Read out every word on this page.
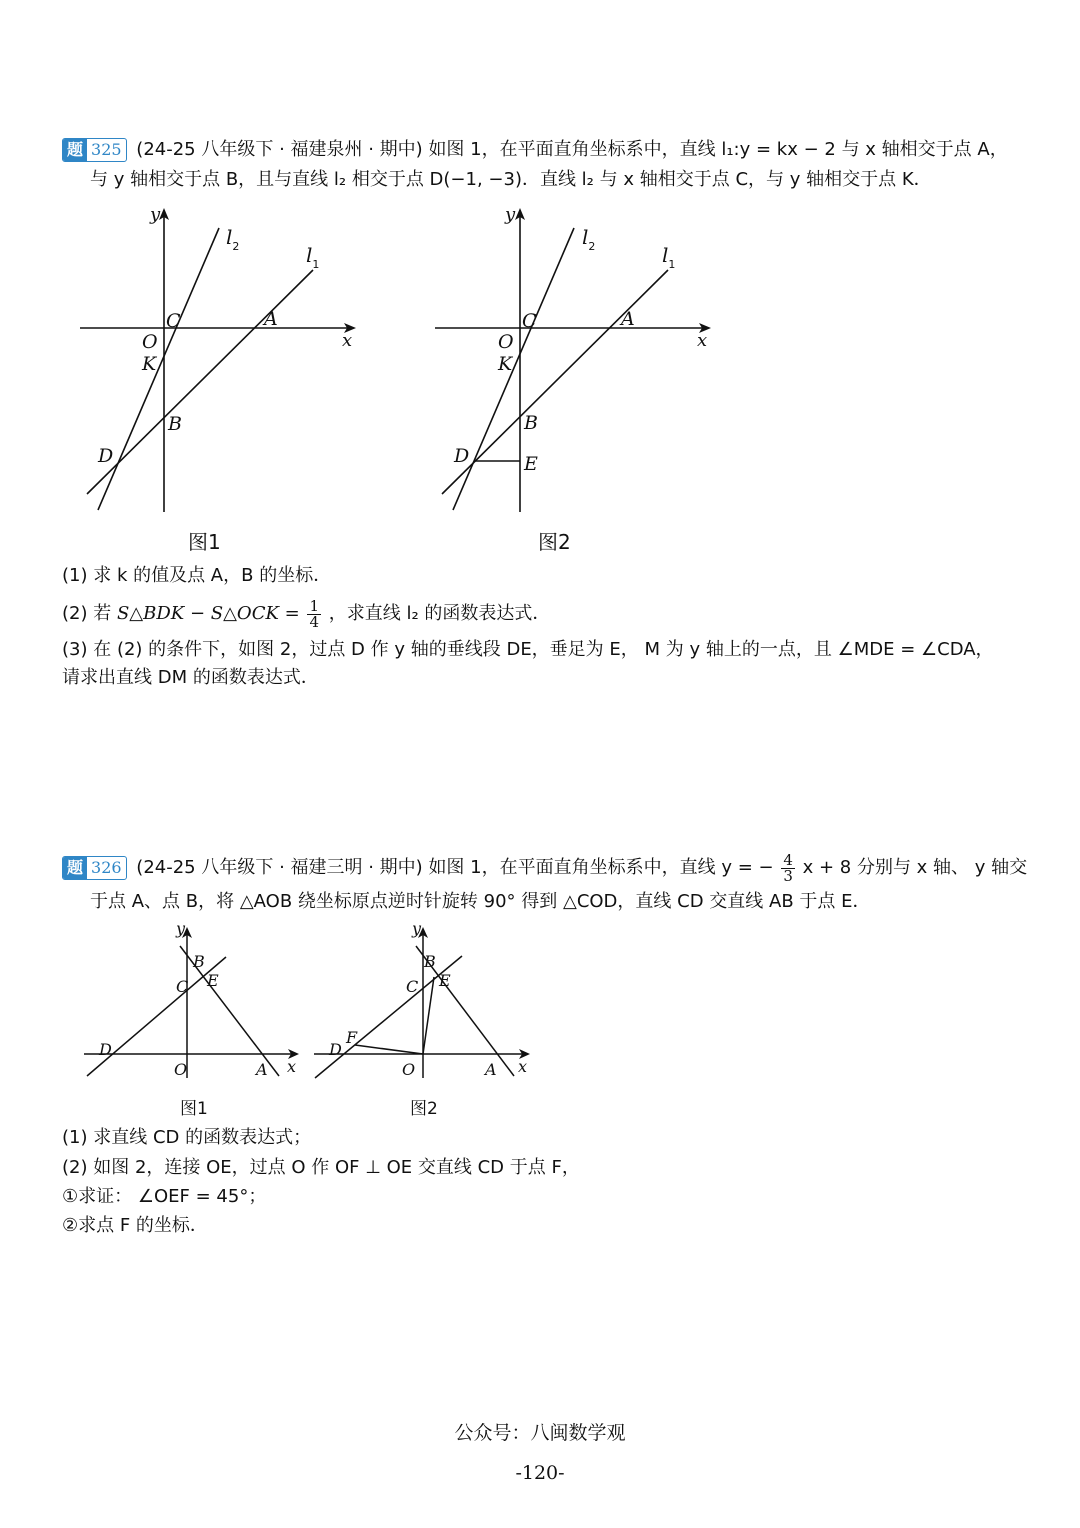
题 325 (24-25 八年级下 · 福建泉州 · 期中) 如图 1，在平面直角坐标系中，直线 l₁:y = kx − 2 与 x 轴相交于点 A，
与 y 轴相交于点 B，且与直线 l₂ 相交于点 D(−1, −3)．直线 l₂ 与 x 轴相交于点 C，与 y 轴相交于点 K．
y
x
O
C
K
A
B
D
$l_2$	$l_1$
图1
y
x
O
C
K
A
B
D	E
$l_2$	$l_1$
图2
(1) 求 k 的值及点 A，B 的坐标．
(2) 若 S△BDK − S△OCK = $\frac{1}{4}$ ，求直线 l₂ 的函数表达式．
(3) 在 (2) 的条件下，如图 2，过点 D 作 y 轴的垂线段 DE，垂足为 E， M 为 y 轴上的一点，且 ∠MDE = ∠CDA，
请求出直线 DM 的函数表达式．
题 326 (24-25 八年级下 · 福建三明 · 期中) 如图 1，在平面直角坐标系中，直线 y = − $\frac{4}{3}$ x + 8 分别与 x 轴、 y 轴交
于点 A、点 B，将 △AOB 绕坐标原点逆时针旋转 90° 得到 △COD，直线 CD 交直线 AB 于点 E．
y
x
B
C E
D
O	A
图1
y
x
B
C E
F
D
O	A
图2
(1) 求直线 CD 的函数表达式；
(2) 如图 2，连接 OE，过点 O 作 OF ⊥ OE 交直线 CD 于点 F，
①求证： ∠OEF = 45°；
②求点 F 的坐标．
公众号：八闽数学观
-120-
